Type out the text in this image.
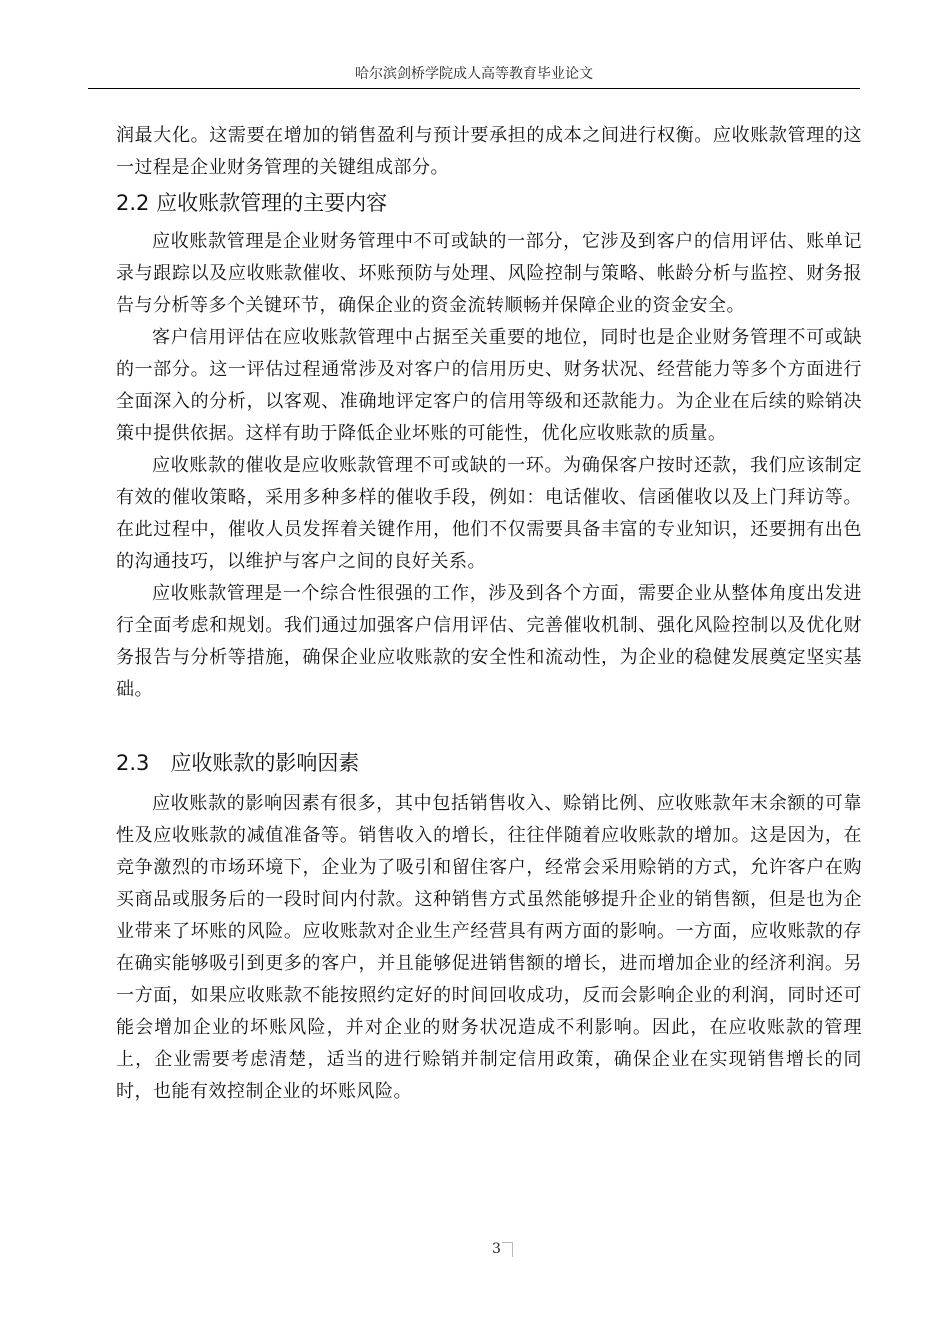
哈尔滨剑桥学院成人高等教育毕业论文

润最大化。这需要在增加的销售盈利与预计要承担的成本之间进行权衡。应收账款管理的这一过程是企业财务管理的关键组成部分。

2.2 应收账款管理的主要内容

应收账款管理是企业财务管理中不可或缺的一部分，它涉及到客户的信用评估、账单记录与跟踪以及应收账款催收、坏账预防与处理、风险控制与策略、帐龄分析与监控、财务报告与分析等多个关键环节，确保企业的资金流转顺畅并保障企业的资金安全。

客户信用评估在应收账款管理中占据至关重要的地位，同时也是企业财务管理不可或缺的一部分。这一评估过程通常涉及对客户的信用历史、财务状况、经营能力等多个方面进行全面深入的分析，以客观、准确地评定客户的信用等级和还款能力。为企业在后续的赊销决策中提供依据。这样有助于降低企业坏账的可能性，优化应收账款的质量。

应收账款的催收是应收账款管理不可或缺的一环。为确保客户按时还款，我们应该制定有效的催收策略，采用多种多样的催收手段，例如：电话催收、信函催收以及上门拜访等。在此过程中，催收人员发挥着关键作用，他们不仅需要具备丰富的专业知识，还要拥有出色的沟通技巧，以维护与客户之间的良好关系。

应收账款管理是一个综合性很强的工作，涉及到各个方面，需要企业从整体角度出发进行全面考虑和规划。我们通过加强客户信用评估、完善催收机制、强化风险控制以及优化财务报告与分析等措施，确保企业应收账款的安全性和流动性，为企业的稳健发展奠定坚实基础。

2.3　应收账款的影响因素

应收账款的影响因素有很多，其中包括销售收入、赊销比例、应收账款年末余额的可靠性及应收账款的减值准备等。销售收入的增长，往往伴随着应收账款的增加。这是因为，在竞争激烈的市场环境下，企业为了吸引和留住客户，经常会采用赊销的方式，允许客户在购买商品或服务后的一段时间内付款。这种销售方式虽然能够提升企业的销售额，但是也为企业带来了坏账的风险。应收账款对企业生产经营具有两方面的影响。一方面，应收账款的存在确实能够吸引到更多的客户，并且能够促进销售额的增长，进而增加企业的经济利润。另一方面，如果应收账款不能按照约定好的时间回收成功，反而会影响企业的利润，同时还可能会增加企业的坏账风险，并对企业的财务状况造成不利影响。因此，在应收账款的管理上，企业需要考虑清楚，适当的进行赊销并制定信用政策，确保企业在实现销售增长的同时，也能有效控制企业的坏账风险。

3
